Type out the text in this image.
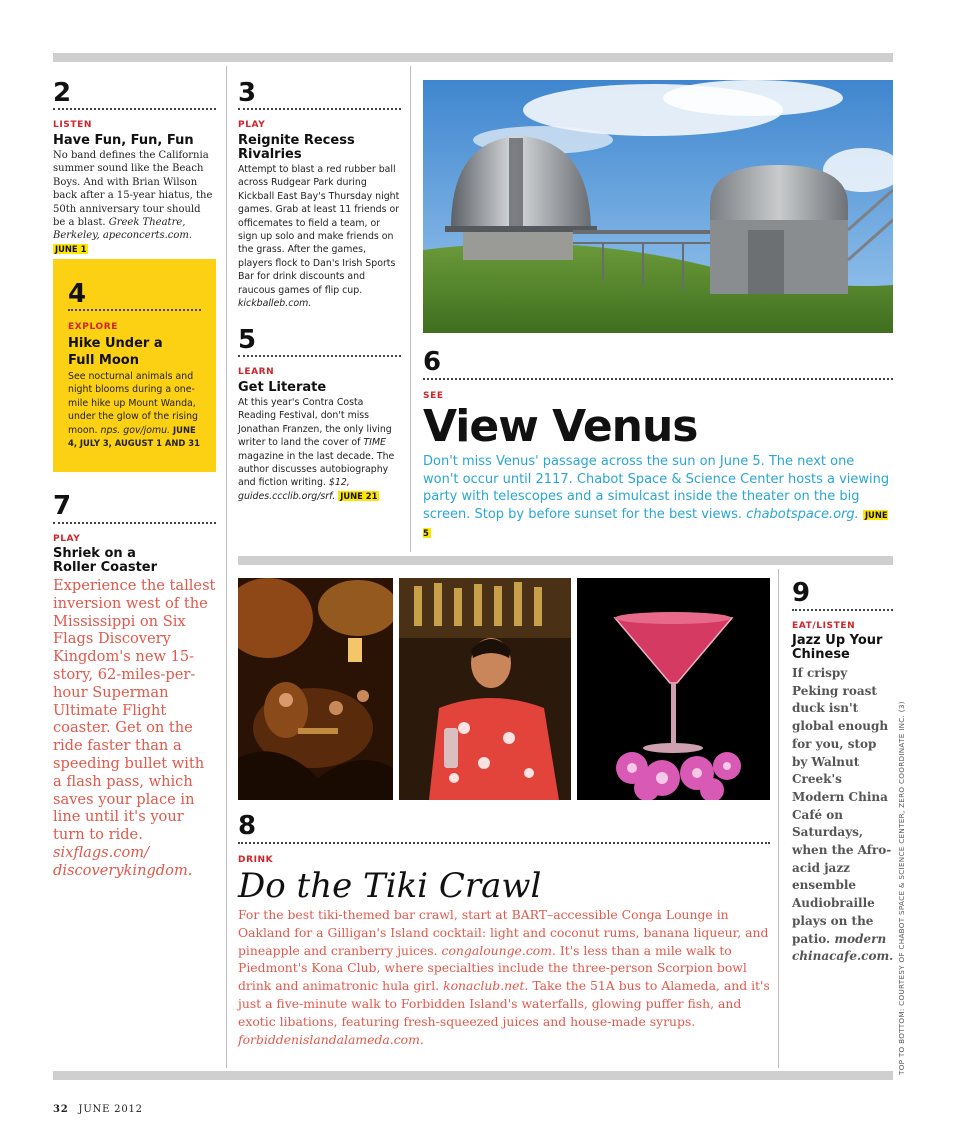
2
LISTEN
Have Fun, Fun, Fun
No band defines the California summer sound like the Beach Boys. And with Brian Wilson back after a 15-year hiatus, the 50th anniversary tour should be a blast. Greek Theatre, Berkeley, apeconcerts.com. JUNE 1
4
EXPLORE
Hike Under a
Full Moon
See nocturnal animals and night blooms during a one-mile hike up Mount Wanda, under the glow of the rising moon. nps. gov/jomu. JUNE 4, JULY 3, AUGUST 1 AND 31
7
PLAY
Shriek on a
Roller Coaster
Experience the tallest inversion west of the Mississippi on Six Flags Discovery Kingdom's new 15-story, 62-miles-per-hour Superman Ultimate Flight coaster. Get on the ride faster than a speeding bullet with a flash pass, which saves your place in line until it's your turn to ride. sixflags.com/ discoverykingdom.
3
PLAY
Reignite Recess
Rivalries
Attempt to blast a red rubber ball across Rudgear Park during Kickball East Bay's Thursday night games. Grab at least 11 friends or officemates to field a team, or sign up solo and make friends on the grass. After the games, players flock to Dan's Irish Sports Bar for drink discounts and raucous games of flip cup. kickballeb.com.
5
LEARN
Get Literate
At this year's Contra Costa Reading Festival, don't miss Jonathan Franzen, the only living writer to land the cover of TIME magazine in the last decade. The author discusses autobiography and fiction writing. $12, guides.ccclib.org/srf. JUNE 21
6
SEE
View Venus
Don't miss Venus' passage across the sun on June 5. The next one won't occur until 2117. Chabot Space & Science Center hosts a viewing party with telescopes and a simulcast inside the theater on the big screen. Stop by before sunset for the best views. chabotspace.org. JUNE 5
8
DRINK
Do the Tiki Crawl
For the best tiki-themed bar crawl, start at BART–accessible Conga Lounge in Oakland for a Gilligan's Island cocktail: light and coconut rums, banana liqueur, and pineapple and cranberry juices. congalounge.com. It's less than a mile walk to Piedmont's Kona Club, where specialties include the three-person Scorpion bowl drink and animatronic hula girl. konaclub.net. Take the 51A bus to Alameda, and it's just a five-minute walk to Forbidden Island's waterfalls, glowing puffer fish, and exotic libations, featuring fresh-squeezed juices and house-made syrups. forbiddenislandalameda.com.
9
EAT/LISTEN
Jazz Up Your
Chinese
If crispy Peking roast duck isn't global enough for you, stop by Walnut Creek's Modern China Café on Saturdays, when the Afro-acid jazz ensemble Audiobraille plays on the patio. modern chinacafe.com. TOP TO BOTTOM: COURTESY OF CHABOT SPACE & SCIENCE CENTER, ZERO COORDINATE INC. (3)
32 JUNE 2012
